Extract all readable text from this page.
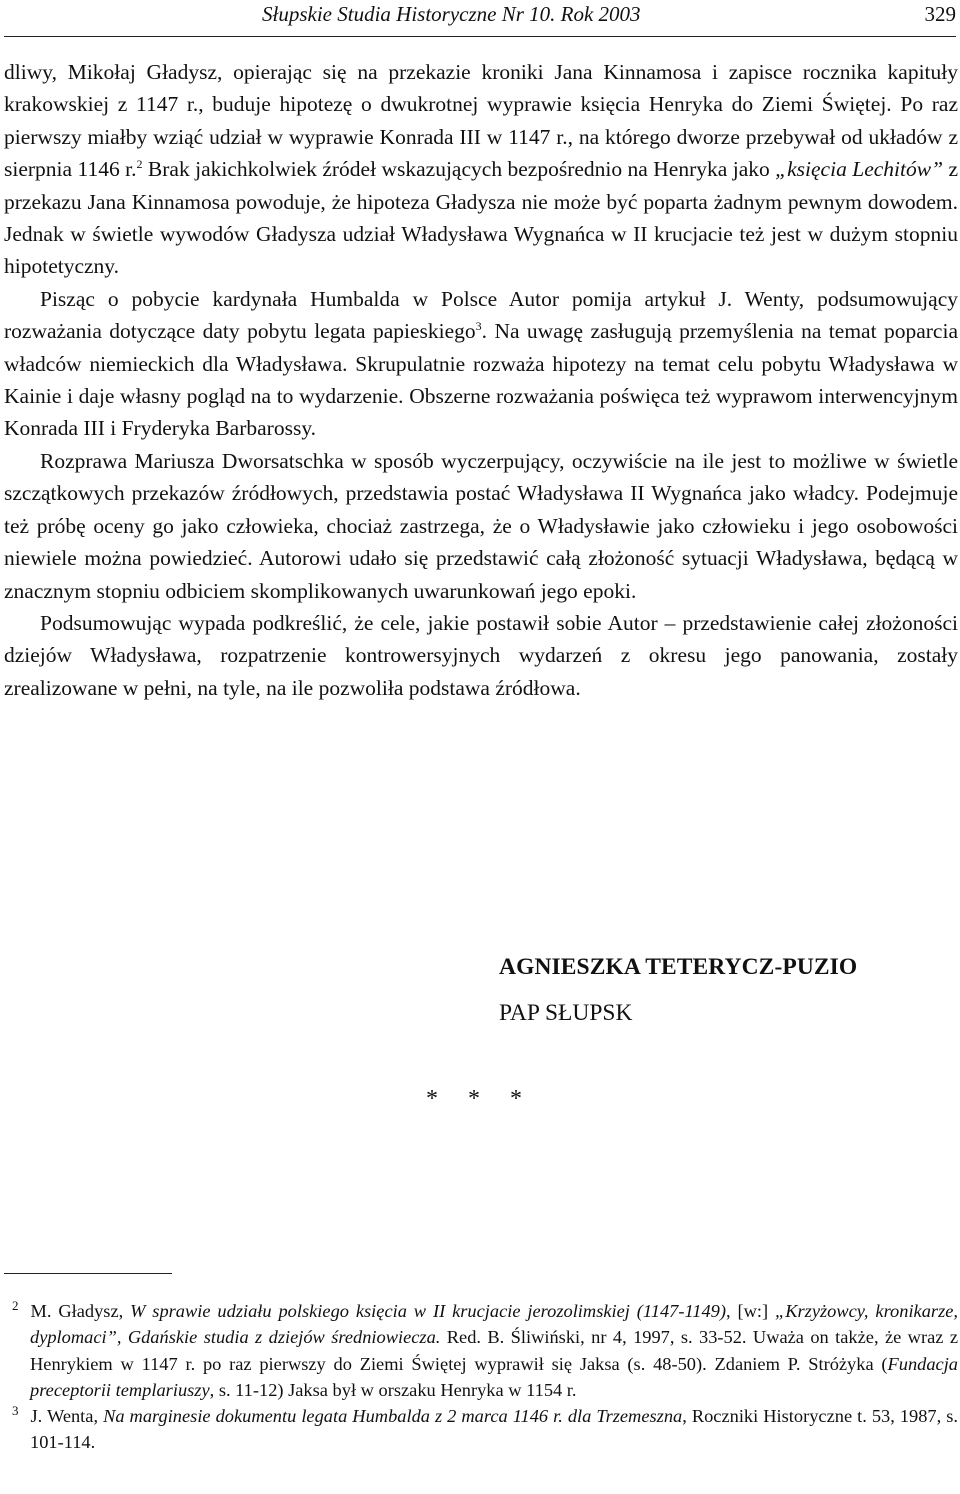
Słupskie Studia Historyczne Nr 10. Rok 2003	329

dliwy, Mikołaj Gładysz, opierając się na przekazie kroniki Jana Kinnamosa i zapisce rocznika kapituły krakowskiej z 1147 r., buduje hipotezę o dwukrotnej wyprawie księcia Henryka do Ziemi Świętej. Po raz pierwszy miałby wziąć udział w wyprawie Konrada III w 1147 r., na którego dworze przebywał od układów z sierpnia 1146 r.$^2$ Brak jakichkolwiek źródeł wskazujących bezpośrednio na Henryka jako „księcia Lechitów” z przekazu Jana Kinnamosa powoduje, że hipoteza Gładysza nie może być poparta żadnym pewnym dowodem. Jednak w świetle wywodów Gładysza udział Władysława Wygnańca w II krucjacie też jest w dużym stopniu hipotetyczny.

Pisząc o pobycie kardynała Humbalda w Polsce Autor pomija artykuł J. Wenty, podsumowujący rozważania dotyczące daty pobytu legata papieskiego$^3$. Na uwagę zasługują przemyślenia na temat poparcia władców niemieckich dla Władysława. Skrupulatnie rozważa hipotezy na temat celu pobytu Władysława w Kainie i daje własny pogląd na to wydarzenie. Obszerne rozważania poświęca też wyprawom interwencyjnym Konrada III i Fryderyka Barbarossy.

Rozprawa Mariusza Dworsatschka w sposób wyczerpujący, oczywiście na ile jest to możliwe w świetle szczątkowych przekazów źródłowych, przedstawia postać Władysława II Wygnańca jako władcy. Podejmuje też próbę oceny go jako człowieka, chociaż zastrzega, że o Władysławie jako człowieku i jego osobowości niewiele można powiedzieć. Autorowi udało się przedstawić całą złożoność sytuacji Władysława, będącą w znacznym stopniu odbiciem skomplikowanych uwarunkowań jego epoki.

Podsumowując wypada podkreślić, że cele, jakie postawił sobie Autor – przedstawienie całej złożoności dziejów Władysława, rozpatrzenie kontrowersyjnych wydarzeń z okresu jego panowania, zostały zrealizowane w pełni, na tyle, na ile pozwoliła podstawa źródłowa.

AGNIESZKA TETERYCZ-PUZIO
PAP SŁUPSK
* * *

$^2$ M. Gładysz, W sprawie udziału polskiego księcia w II krucjacie jerozolimskiej (1147-1149), [w:] „Krzyżowcy, kronikarze, dyplomaci”, Gdańskie studia z dziejów średniowiecza. Red. B. Śliwiński, nr 4, 1997, s. 33-52. Uważa on także, że wraz z Henrykiem w 1147 r. po raz pierwszy do Ziemi Świętej wyprawił się Jaksa (s. 48-50). Zdaniem P. Stróżyka (Fundacja preceptorii templariuszy, s. 11-12) Jaksa był w orszaku Henryka w 1154 r.

$^3$ J. Wenta, Na marginesie dokumentu legata Humbalda z 2 marca 1146 r. dla Trzemeszna, Roczniki Historyczne t. 53, 1987, s. 101-114.
